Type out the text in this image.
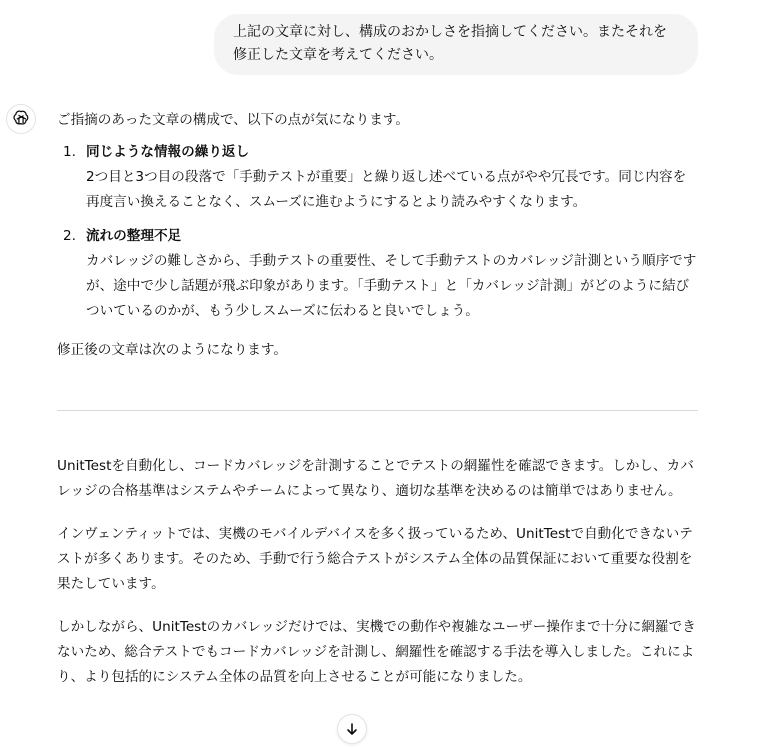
上記の文章に対し、構成のおかしさを指摘してください。またそれを修正した文章を考えてください。

ご指摘のあった文章の構成で、以下の点が気になります。

1. 同じような情報の繰り返し
2つ目と3つ目の段落で「手動テストが重要」と繰り返し述べている点がやや冗長です。同じ内容を再度言い換えることなく、スムーズに進むようにするとより読みやすくなります。
2. 流れの整理不足
カバレッジの難しさから、手動テストの重要性、そして手動テストのカバレッジ計測という順序ですが、途中で少し話題が飛ぶ印象があります。「手動テスト」と「カバレッジ計測」がどのように結びついているのかが、もう少しスムーズに伝わると良いでしょう。

修正後の文章は次のようになります。

UnitTestを自動化し、コードカバレッジを計測することでテストの網羅性を確認できます。しかし、カバレッジの合格基準はシステムやチームによって異なり、適切な基準を決めるのは簡単ではありません。

インヴェンティットでは、実機のモバイルデバイスを多く扱っているため、UnitTestで自動化できないテストが多くあります。そのため、手動で行う総合テストがシステム全体の品質保証において重要な役割を果たしています。

しかしながら、UnitTestのカバレッジだけでは、実機での動作や複雑なユーザー操作まで十分に網羅できないため、総合テストでもコードカバレッジを計測し、網羅性を確認する手法を導入しました。これにより、より包括的にシステム全体の品質を向上させることが可能になりました。
